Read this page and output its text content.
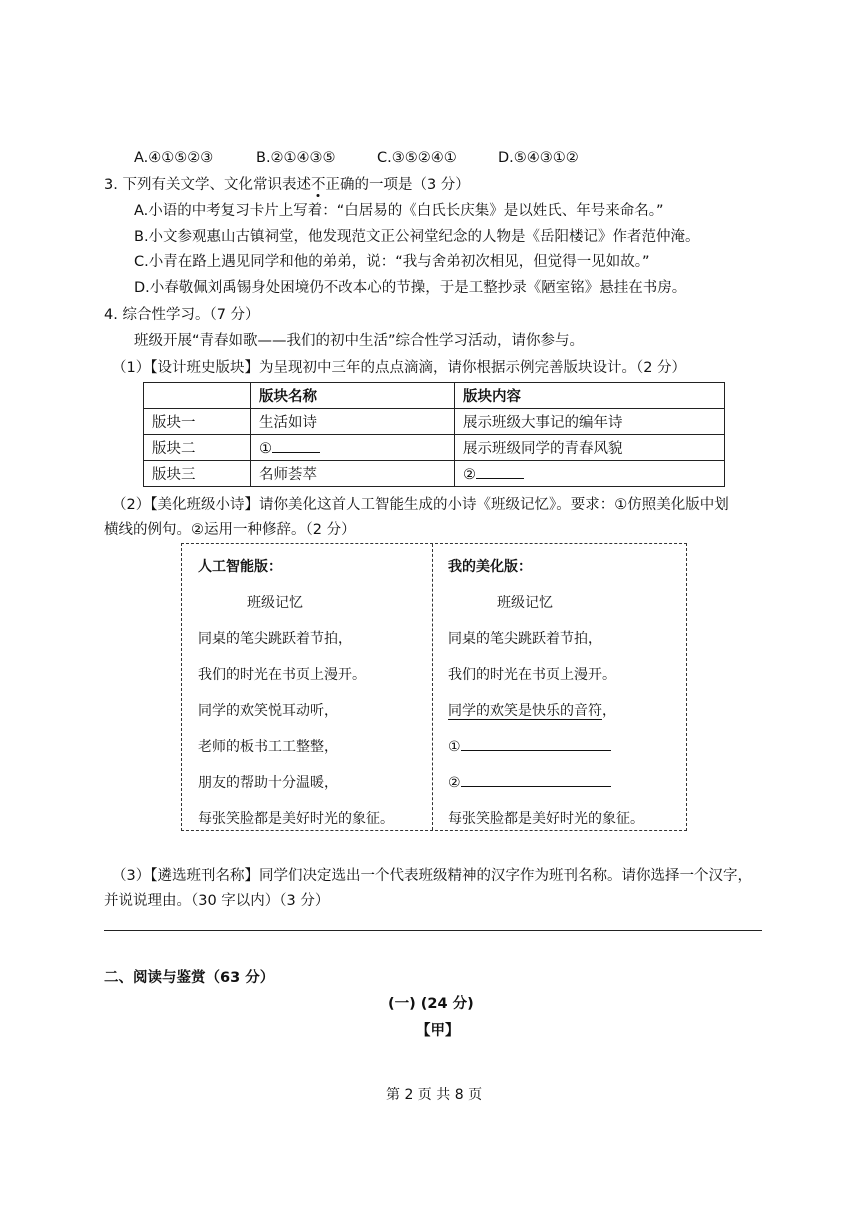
A.④①⑤②③	B.②①④③⑤	C.③⑤②④①	D.⑤④③①②
3. 下列有关文学、文化常识表述不正确的一项是（3 分）
A.小语的中考复习卡片上写着：“白居易的《白氏长庆集》是以姓氏、年号来命名。”
B.小文参观惠山古镇祠堂，他发现范文正公祠堂纪念的人物是《岳阳楼记》作者范仲淹。
C.小青在路上遇见同学和他的弟弟，说：“我与舍弟初次相见，但觉得一见如故。”
D.小春敬佩刘禹锡身处困境仍不改本心的节操，于是工整抄录《陋室铭》悬挂在书房。
4. 综合性学习。（7 分）
班级开展“青春如歌——我们的初中生活”综合性学习活动，请你参与。
（1）【设计班史版块】为呈现初中三年的点点滴滴，请你根据示例完善版块设计。（2 分）
	版块名称	版块内容
版块一	生活如诗	展示班级大事记的编年诗
版块二	①	展示班级同学的青春风貌
版块三	名师荟萃	②
（2）【美化班级小诗】请你美化这首人工智能生成的小诗《班级记忆》。要求：①仿照美化版中划
横线的例句。②运用一种修辞。（2 分）
人工智能版：
班级记忆
同桌的笔尖跳跃着节拍，
我们的时光在书页上漫开。
同学的欢笑悦耳动听，
老师的板书工工整整，
朋友的帮助十分温暖，
每张笑脸都是美好时光的象征。
我的美化版：
班级记忆
同桌的笔尖跳跃着节拍，
我们的时光在书页上漫开。
同学的欢笑是快乐的音符，
①
②
每张笑脸都是美好时光的象征。
（3）【遴选班刊名称】同学们决定选出一个代表班级精神的汉字作为班刊名称。请你选择一个汉字，
并说说理由。（30 字以内）（3 分）
二、阅读与鉴赏（63 分）
(一) (24 分)
【甲】
第 2 页 共 8 页
